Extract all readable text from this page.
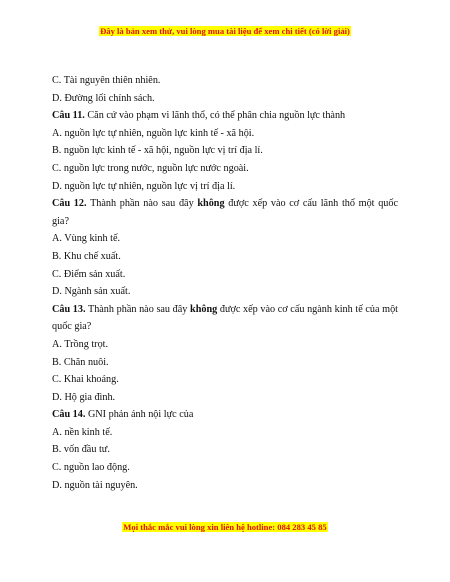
Đây là bản xem thử, vui lòng mua tài liệu để xem chi tiết (có lời giải)
C. Tài nguyên thiên nhiên.
D. Đường lối chính sách.
Câu 11. Căn cứ vào phạm vi lãnh thổ, có thể phân chia nguồn lực thành
A. nguồn lực tự nhiên, nguồn lực kinh tế - xã hội.
B. nguồn lực kinh tế - xã hội, nguồn lực vị trí địa lí.
C. nguồn lực trong nước, nguồn lực nước ngoài.
D. nguồn lực tự nhiên, nguồn lực vị trí địa lí.
Câu 12. Thành phần nào sau đây không được xếp vào cơ cấu lãnh thổ một quốc gia?
A. Vùng kinh tế.
B. Khu chế xuất.
C. Điểm sản xuất.
D. Ngành sản xuất.
Câu 13. Thành phần nào sau đây không được xếp vào cơ cấu ngành kinh tế của một quốc gia?
A. Trồng trọt.
B. Chăn nuôi.
C. Khai khoáng.
D. Hộ gia đình.
Câu 14. GNI phản ánh nội lực của
A. nền kinh tế.
B. vốn đầu tư.
C. nguồn lao động.
D. nguồn tài nguyên.
Mọi thắc mắc vui lòng xin liên hệ hotline: 084 283 45 85
